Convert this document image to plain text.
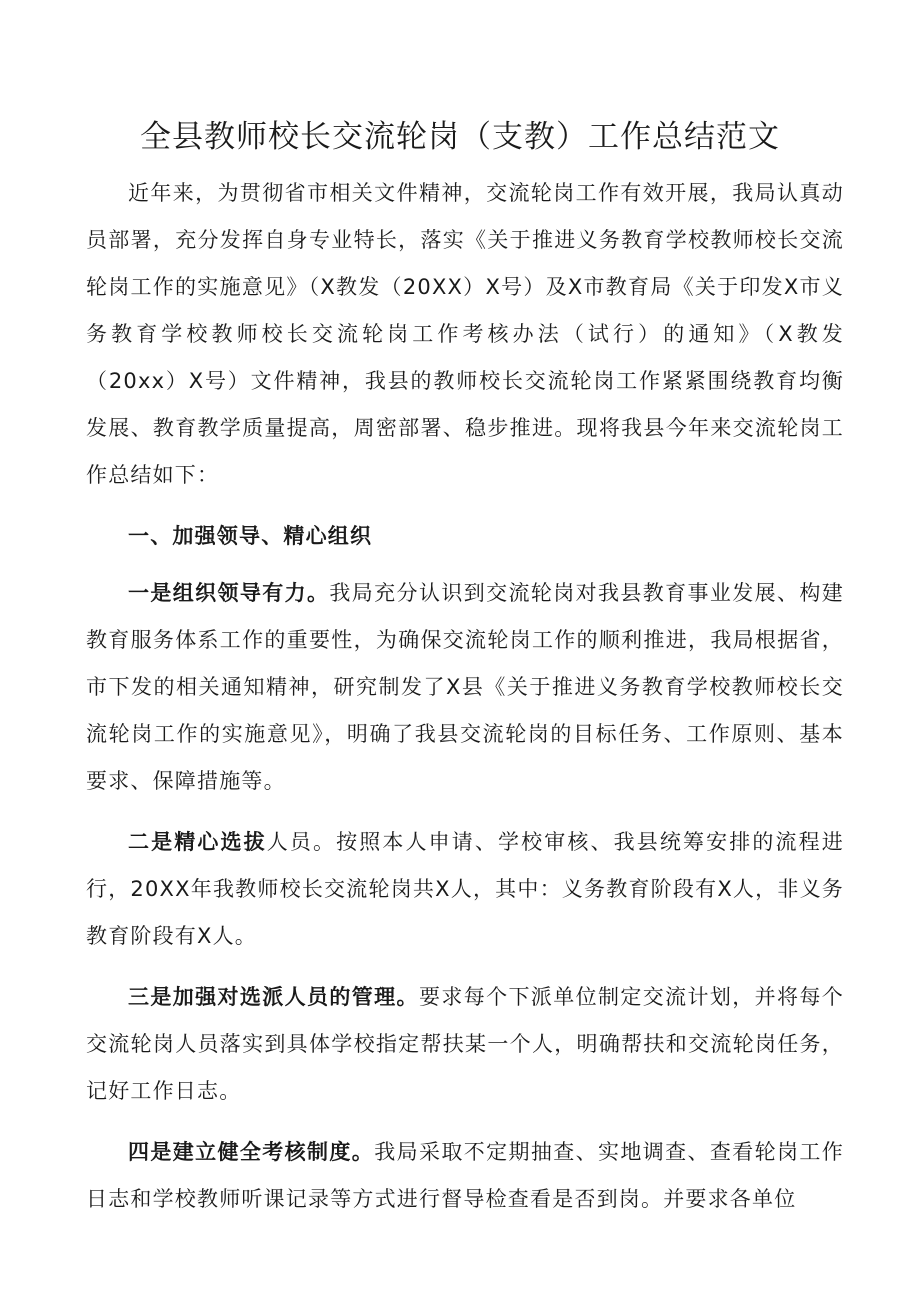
全县教师校长交流轮岗（支教）工作总结范文

近年来，为贯彻省市相关文件精神，交流轮岗工作有效开展，我局认真动员部署，充分发挥自身专业特长，落实《关于推进义务教育学校教师校长交流轮岗工作的实施意见》（X教发（20XX）X号）及X市教育局《关于印发X市义务教育学校教师校长交流轮岗工作考核办法（试行）的通知》（X教发（20xx）X号）文件精神，我县的教师校长交流轮岗工作紧紧围绕教育均衡发展、教育教学质量提高，周密部署、稳步推进。现将我县今年来交流轮岗工作总结如下：

一、加强领导、精心组织

一是组织领导有力。我局充分认识到交流轮岗对我县教育事业发展、构建教育服务体系工作的重要性，为确保交流轮岗工作的顺利推进，我局根据省，市下发的相关通知精神，研究制发了X县《关于推进义务教育学校教师校长交流轮岗工作的实施意见》，明确了我县交流轮岗的目标任务、工作原则、基本要求、保障措施等。

二是精心选拔人员。按照本人申请、学校审核、我县统筹安排的流程进行，20XX年我教师校长交流轮岗共X人，其中：义务教育阶段有X人，非义务教育阶段有X人。

三是加强对选派人员的管理。要求每个下派单位制定交流计划，并将每个交流轮岗人员落实到具体学校指定帮扶某一个人，明确帮扶和交流轮岗任务，记好工作日志。

四是建立健全考核制度。我局采取不定期抽查、实地调查、查看轮岗工作日志和学校教师听课记录等方式进行督导检查看是否到岗。并要求各单位
